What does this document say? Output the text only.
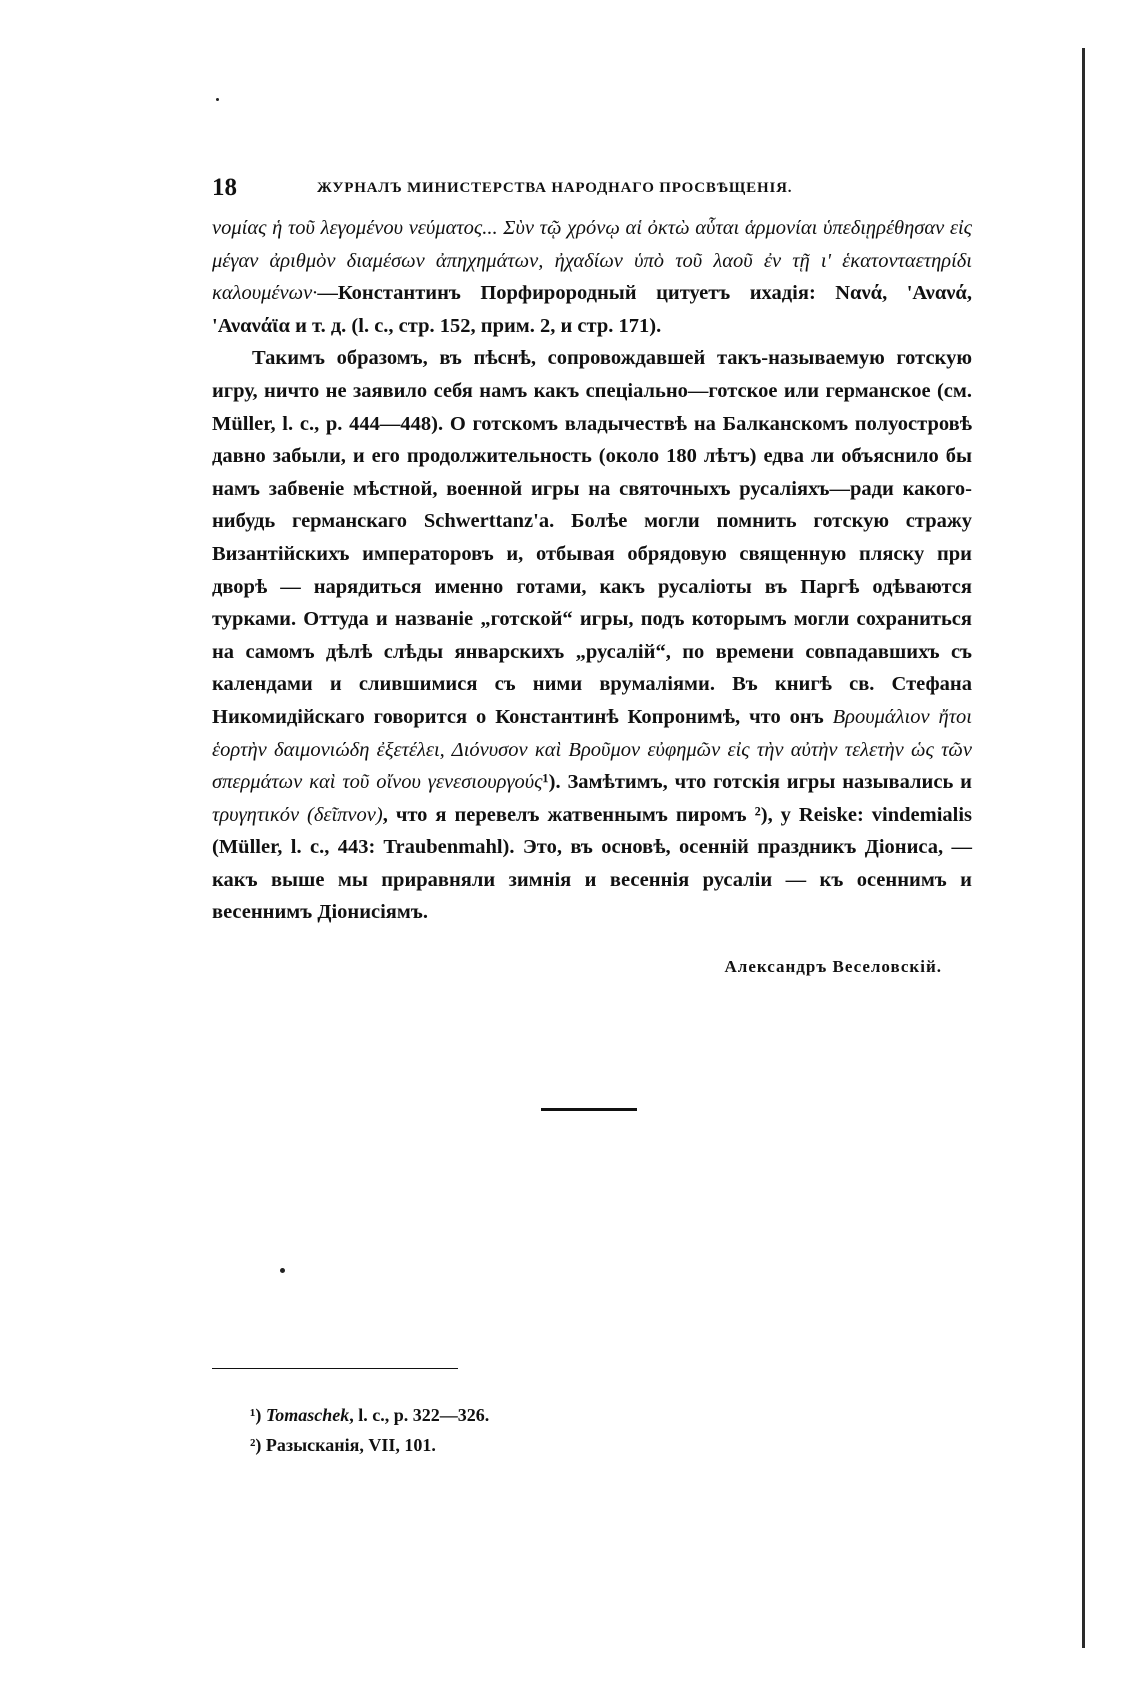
18	ЖУРНАЛЪ МИНИСТЕРСТВА НАРОДНАГО ПРОСВѢЩЕНІЯ.

νομίας ἡ τοῦ λεγομένου νεύματος... Σὺν τῷ χρόνῳ αἱ ὀκτὼ αὗται ἁρμονίαι ὑπεδιῃρέθησαν εἰς μέγαν ἀριθμὸν διαμέσων ἀπηχημάτων, ἠχαδίων ὑπὸ τοῦ λαοῦ ἐν τῇ ι' ἑκατονταετηρίδι καλουμένων·—Константинъ Порфирородный цитуетъ ихадія: Νανά, 'Ανανά, 'Ανανάϊα и т. д. (l. c., стр. 152, прим. 2, и стр. 171).

Такимъ образомъ, въ пѣснѣ, сопровождавшей такъ-называемую готскую игру, ничто не заявило себя намъ какъ спеціально—готское или германское (см. Müller, l. c., p. 444—448). О готскомъ владычествѣ на Балканскомъ полуостровѣ давно забыли, и его продолжительность (около 180 лѣтъ) едва ли объяснило бы намъ забвеніе мѣстной, военной игры на святочныхъ русаліяхъ—ради какого-нибудь германскаго Schwerttanz'a. Болѣе могли помнить готскую стражу Византійскихъ императоровъ и, отбывая обрядовую священную пляску при дворѣ — нарядиться именно готами, какъ русаліоты въ Паргѣ одѣваются турками. Оттуда и названіе „готской“ игры, подъ которымъ могли сохраниться на самомъ дѣлѣ слѣды январскихъ „русалій“, по времени совпадавшихъ съ календами и слившимися съ ними врумаліями. Въ книгѣ св. Стефана Никомидійскаго говорится о Константинѣ Копронимѣ, что онъ Βρουμάλιον ἤτοι ἑορτὴν δαιμονιώδη ἐξετέλει, Διόνυσον καὶ Βροῦμον εὐφημῶν εἰς τὴν αὐτὴν τελετὴν ὡς τῶν σπερμάτων καὶ τοῦ οἴνου γενεσιουργούς¹). Замѣтимъ, что готскія игры назывались и τρυγητικόν (δεῖπνον), что я перевелъ жатвеннымъ пиромъ ²), у Reiske: vindemialis (Müller, l. c., 443: Traubenmahl). Это, въ основѣ, осенній праздникъ Діониса, — какъ выше мы приравняли зимнія и весеннія русаліи — къ осеннимъ и весеннимъ Діонисіямъ.

Александръ Веселовскій.
¹) Tomaschek, l. c., p. 322—326.
²) Разысканія, VII, 101.
